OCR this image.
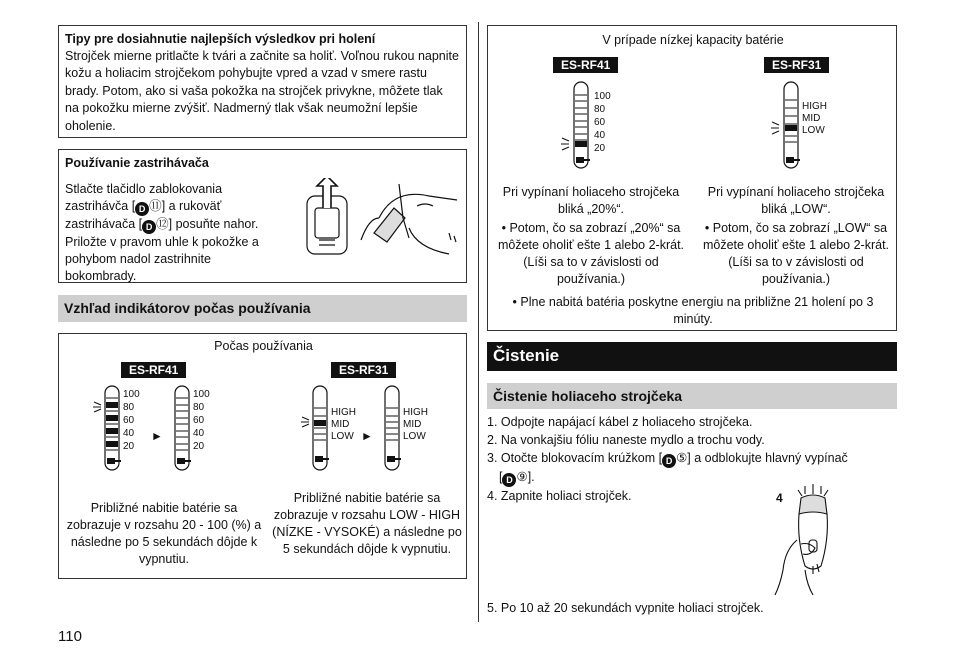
Tipy pre dosiahnutie najlepších výsledkov pri holení
Strojček mierne pritlačte k tvári a začnite sa holiť. Voľnou rukou napnite kožu a holiacim strojčekom pohybujte vpred a vzad v smere rastu brady. Potom, ako si vaša pokožka na strojček privykne, môžete tlak na pokožku mierne zvýšiť. Nadmerný tlak však neumožní lepšie oholenie.
Používanie zastrihávača
Stlačte tlačidlo zablokovania
zastrihávča [ D ⑪] a rukoväť
zastrihávača [ D ⑫] posuňte nahor.
Priložte v pravom uhle k pokožke a
pohybom nadol zastrihnite
bokombrady.
Vzhľad indikátorov počas používania
Počas používania
ES-RF41	ES-RF31
100
80
60
40
20
100
80
60
40
20
►
HIGH
MID
LOW
HIGH
MID
LOW
►
Približné nabitie batérie sa zobrazuje v rozsahu 20 - 100 (%) a následne po 5 sekundách dôjde k vypnutiu.
Približné nabitie batérie sa zobrazuje v rozsahu LOW - HIGH (NÍZKE - VYSOKÉ) a následne po 5 sekundách dôjde k vypnutiu.
110
V prípade nízkej kapacity batérie
ES-RF41	ES-RF31
100
80
60
40
20
HIGH
MID
LOW
Pri vypínaní holiaceho strojčeka bliká „20%“.
• Potom, čo sa zobrazí „20%“ sa môžete oholiť ešte 1 alebo 2-krát. (Líši sa to v závislosti od používania.)
Pri vypínaní holiaceho strojčeka bliká „LOW“.
• Potom, čo sa zobrazí „LOW“ sa môžete oholiť ešte 1 alebo 2-krát. (Líši sa to v závislosti od používania.)
• Plne nabitá batéria poskytne energiu na približne 21 holení po 3 minúty.
Čistenie
Čistenie holiaceho strojčeka
1. Odpojte napájací kábel z holiaceho strojčeka.
2. Na vonkajšiu fóliu naneste mydlo a trochu vody.
3. Otočte blokovacím krúžkom [ D ⑤] a odblokujte hlavný vypínač
[ D ⑨].
4. Zapnite holiaci strojček.	4
5. Po 10 až 20 sekundách vypnite holiaci strojček.
